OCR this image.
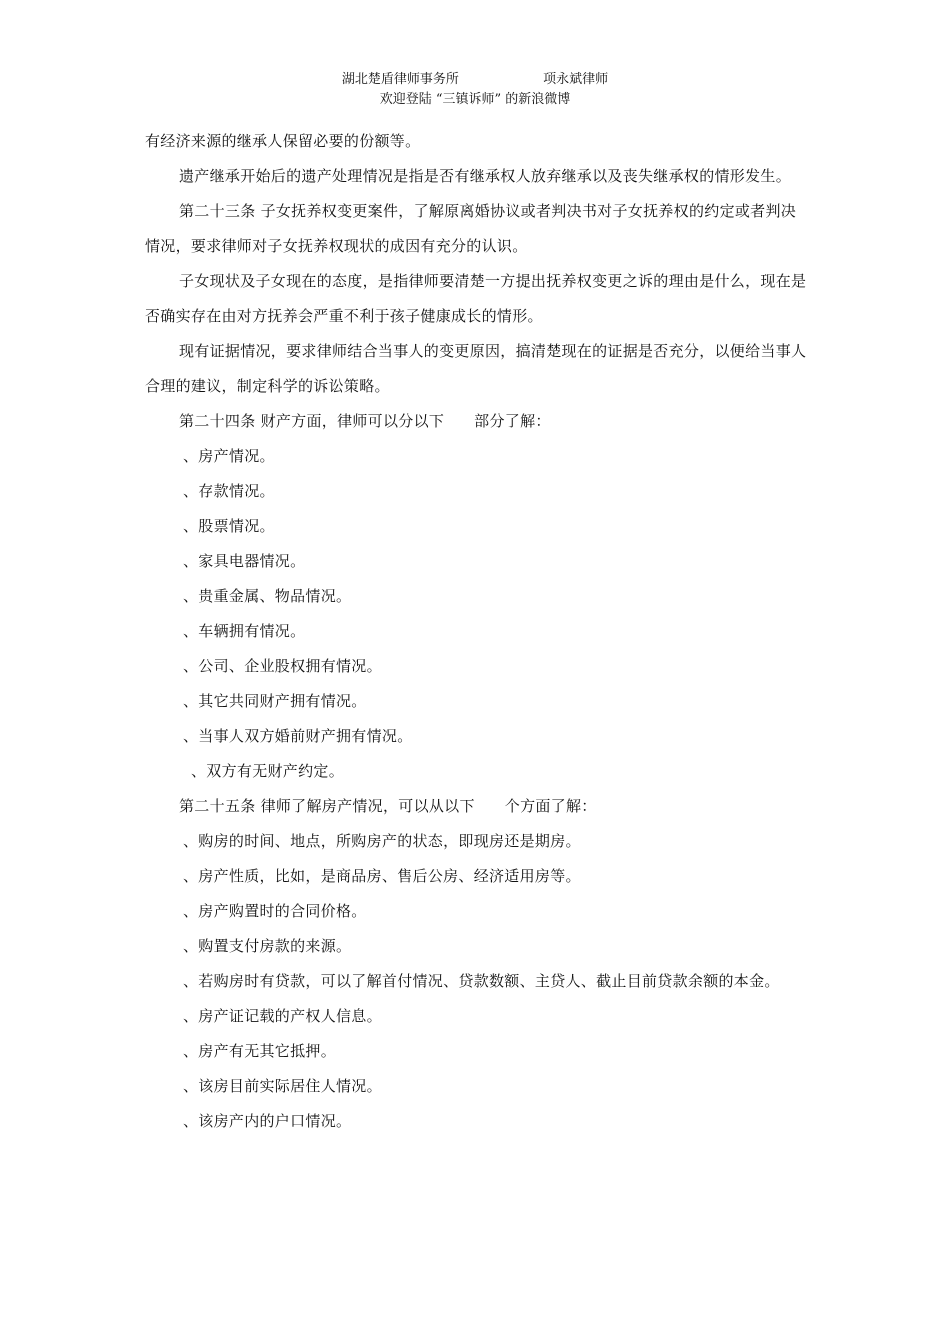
湖北楚盾律师事务所	项永斌律师
欢迎登陆 “三镇诉师” 的新浪微博

有经济来源的继承人保留必要的份额等。

遗产继承开始后的遗产处理情况是指是否有继承权人放弃继承以及丧失继承权的情形发生。

第二十三条 子女抚养权变更案件，了解原离婚协议或者判决书对子女抚养权的约定或者判决情况，要求律师对子女抚养权现状的成因有充分的认识。

子女现状及子女现在的态度，是指律师要清楚一方提出抚养权变更之诉的理由是什么，现在是否确实存在由对方抚养会严重不利于孩子健康成长的情形。

现有证据情况，要求律师结合当事人的变更原因，搞清楚现在的证据是否充分，以便给当事人合理的建议，制定科学的诉讼策略。

第二十四条 财产方面，律师可以分以下 部分了解：

、房产情况。

、存款情况。

、股票情况。

、家具电器情况。

、贵重金属、物品情况。

、车辆拥有情况。

、公司、企业股权拥有情况。

、其它共同财产拥有情况。

、当事人双方婚前财产拥有情况。

、双方有无财产约定。

第二十五条 律师了解房产情况，可以从以下 个方面了解：

、购房的时间、地点，所购房产的状态，即现房还是期房。

、房产性质，比如，是商品房、售后公房、经济适用房等。

、房产购置时的合同价格。

、购置支付房款的来源。

、若购房时有贷款，可以了解首付情况、贷款数额、主贷人、截止目前贷款余额的本金。

、房产证记载的产权人信息。

、房产有无其它抵押。

、该房目前实际居住人情况。

、该房产内的户口情况。
